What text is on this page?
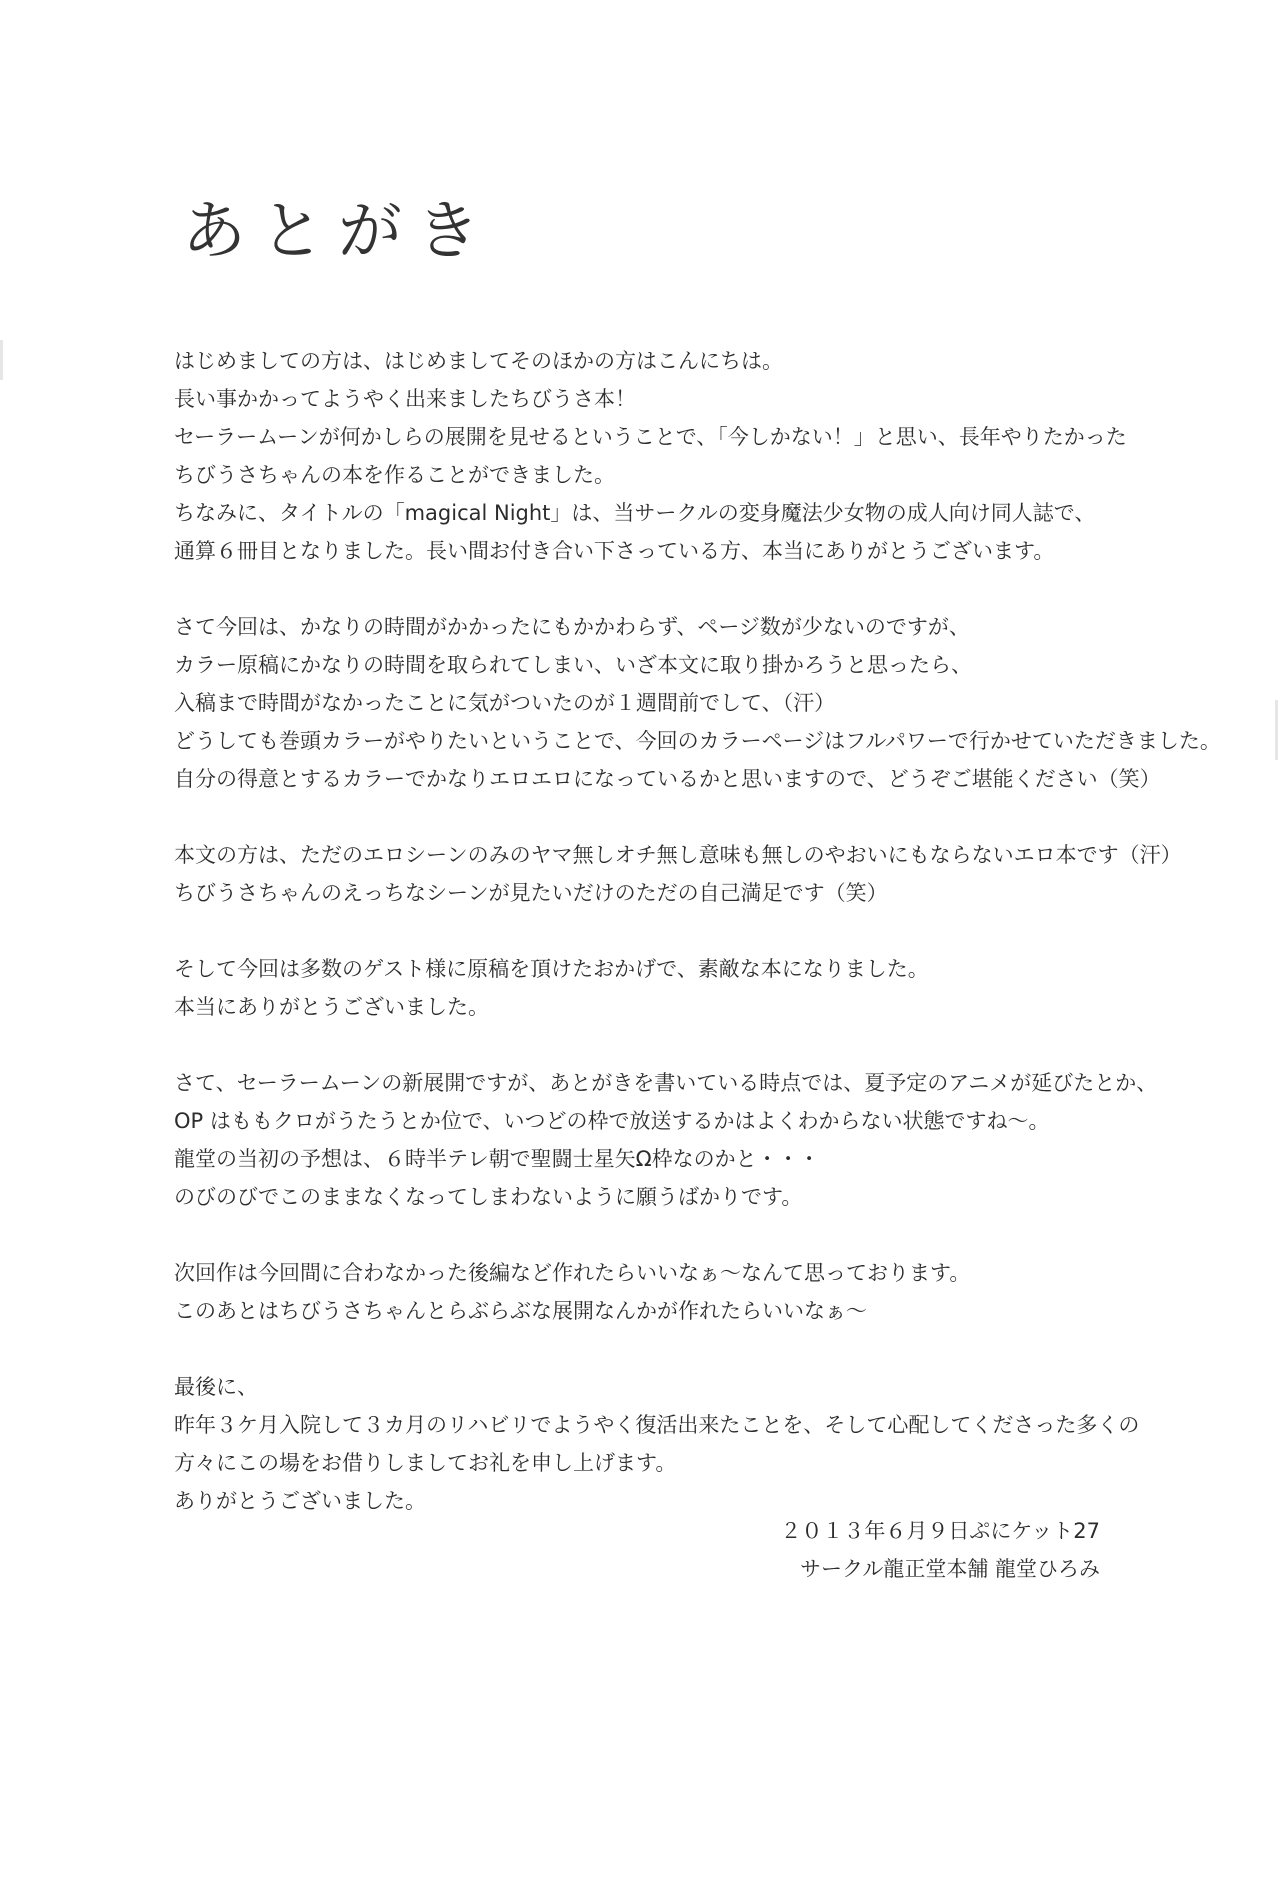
あとがき
はじめましての方は、はじめましてそのほかの方はこんにちは。
長い事かかってようやく出来ましたちびうさ本！
セーラームーンが何かしらの展開を見せるということで、「今しかない！」と思い、長年やりたかった
ちびうさちゃんの本を作ることができました。
ちなみに、タイトルの「magical Night」は、当サークルの変身魔法少女物の成人向け同人誌で、
通算６冊目となりました。長い間お付き合い下さっている方、本当にありがとうございます。
さて今回は、かなりの時間がかかったにもかかわらず、ページ数が少ないのですが、
カラー原稿にかなりの時間を取られてしまい、いざ本文に取り掛かろうと思ったら、
入稿まで時間がなかったことに気がついたのが１週間前でして、（汗）
どうしても巻頭カラーがやりたいということで、今回のカラーページはフルパワーで行かせていただきました。
自分の得意とするカラーでかなりエロエロになっているかと思いますので、どうぞご堪能ください（笑）
本文の方は、ただのエロシーンのみのヤマ無しオチ無し意味も無しのやおいにもならないエロ本です（汗）
ちびうさちゃんのえっちなシーンが見たいだけのただの自己満足です（笑）
そして今回は多数のゲスト様に原稿を頂けたおかげで、素敵な本になりました。
本当にありがとうございました。
さて、セーラームーンの新展開ですが、あとがきを書いている時点では、夏予定のアニメが延びたとか、
OP はももクロがうたうとか位で、いつどの枠で放送するかはよくわからない状態ですね～。
龍堂の当初の予想は、６時半テレ朝で聖闘士星矢Ω枠なのかと・・・
のびのびでこのままなくなってしまわないように願うばかりです。
次回作は今回間に合わなかった後編など作れたらいいなぁ～なんて思っております。
このあとはちびうさちゃんとらぶらぶな展開なんかが作れたらいいなぁ～
最後に、
昨年３ケ月入院して３カ月のリハビリでようやく復活出来たことを、そして心配してくださった多くの
方々にこの場をお借りしましてお礼を申し上げます。
ありがとうございました。
２０１３年６月９日ぷにケット27
サークル龍正堂本舗 龍堂ひろみ
